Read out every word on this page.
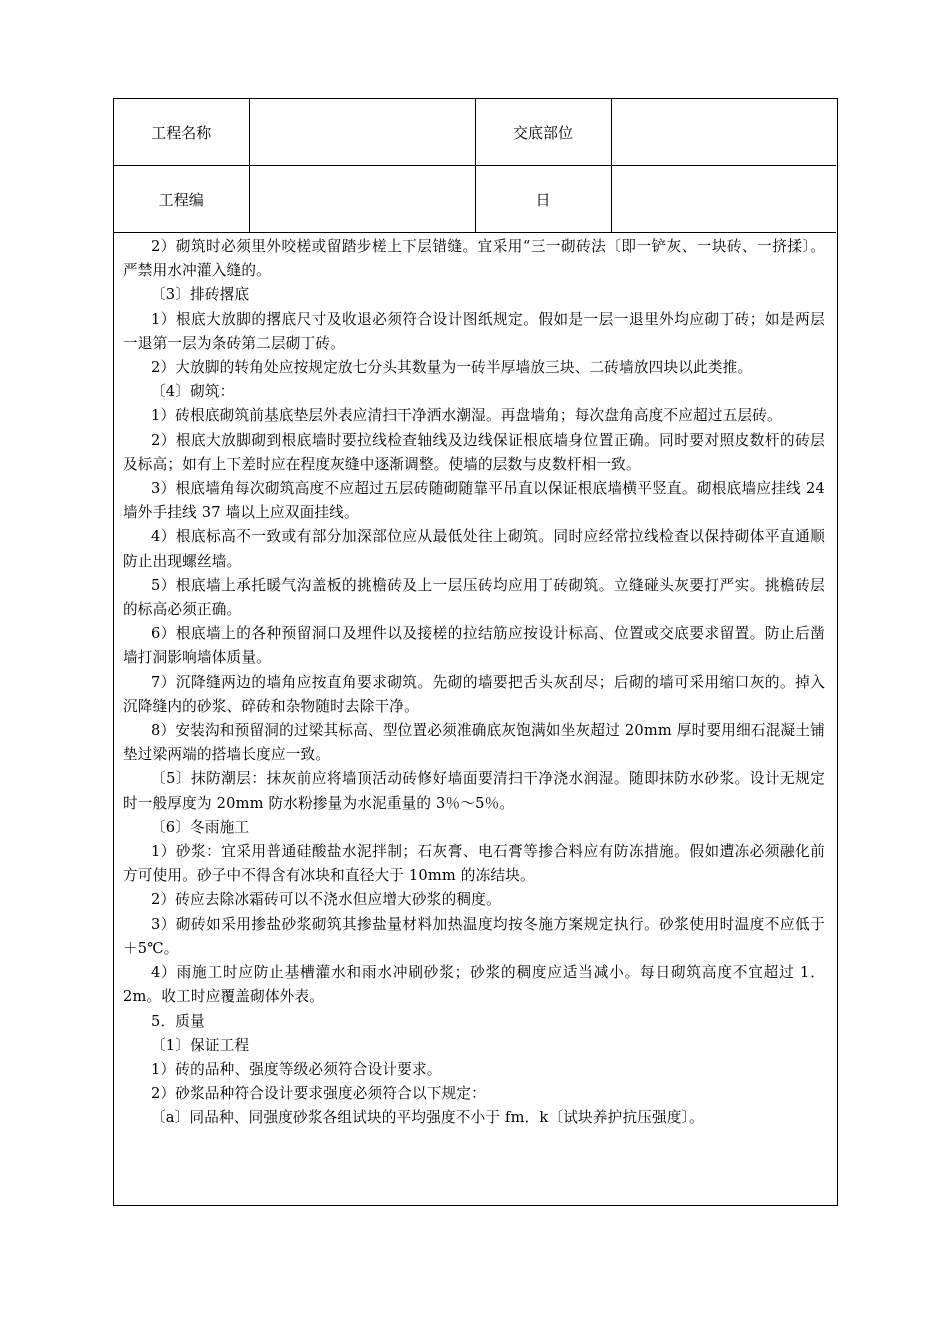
工程名称		交底部位	
工程编		日	

2）砌筑时必须里外咬槎或留踏步槎上下层错缝。宜采用“三一砌砖法〔即一铲灰、一块砖、一挤揉〕。严禁用水冲灌入缝的。

〔3〕排砖撂底

1）根底大放脚的撂底尺寸及收退必须符合设计图纸规定。假如是一层一退里外均应砌丁砖；如是两层一退第一层为条砖第二层砌丁砖。

2）大放脚的转角处应按规定放七分头其数量为一砖半厚墙放三块、二砖墙放四块以此类推。

〔4〕砌筑：

1）砖根底砌筑前基底垫层外表应清扫干净洒水潮湿。再盘墙角；每次盘角高度不应超过五层砖。

2）根底大放脚砌到根底墙时要拉线检查轴线及边线保证根底墙身位置正确。同时要对照皮数杆的砖层及标高；如有上下差时应在程度灰缝中逐渐调整。使墙的层数与皮数杆相一致。

3）根底墙角每次砌筑高度不应超过五层砖随砌随靠平吊直以保证根底墙横平竖直。砌根底墙应挂线 24 墙外手挂线 37 墙以上应双面挂线。

4）根底标高不一致或有部分加深部位应从最低处往上砌筑。同时应经常拉线检查以保持砌体平直通顺防止出现螺丝墙。

5）根底墙上承托暖气沟盖板的挑檐砖及上一层压砖均应用丁砖砌筑。立缝碰头灰要打严实。挑檐砖层的标高必须正确。

6）根底墙上的各种预留洞口及埋件以及接槎的拉结筋应按设计标高、位置或交底要求留置。防止后凿墙打洞影响墙体质量。

7）沉降缝两边的墙角应按直角要求砌筑。先砌的墙要把舌头灰刮尽；后砌的墙可采用缩口灰的。掉入沉降缝内的砂浆、碎砖和杂物随时去除干净。

8）安装沟和预留洞的过梁其标高、型位置必须准确底灰饱满如坐灰超过 20mm 厚时要用细石混凝土铺垫过梁两端的搭墙长度应一致。

〔5〕抹防潮层：抹灰前应将墙顶活动砖修好墙面要清扫干净浇水润湿。随即抹防水砂浆。设计无规定时一般厚度为 20mm 防水粉掺量为水泥重量的 3％～5％。

〔6〕冬雨施工

1）砂浆：宜采用普通硅酸盐水泥拌制；石灰膏、电石膏等掺合料应有防冻措施。假如遭冻必须融化前方可使用。砂子中不得含有冰块和直径大于 10mm 的冻结块。

2）砖应去除冰霜砖可以不浇水但应增大砂浆的稠度。

3）砌砖如采用掺盐砂浆砌筑其掺盐量材料加热温度均按冬施方案规定执行。砂浆使用时温度不应低于＋5℃。

4）雨施工时应防止基槽灌水和雨水冲刷砂浆；砂浆的稠度应适当减小。每日砌筑高度不宜超过 1．2m。收工时应覆盖砌体外表。

5．质量

〔1〕保证工程

1）砖的品种、强度等级必须符合设计要求。

2）砂浆品种符合设计要求强度必须符合以下规定：

〔a〕同品种、同强度砂浆各组试块的平均强度不小于 fm．k〔试块养护抗压强度〕。
